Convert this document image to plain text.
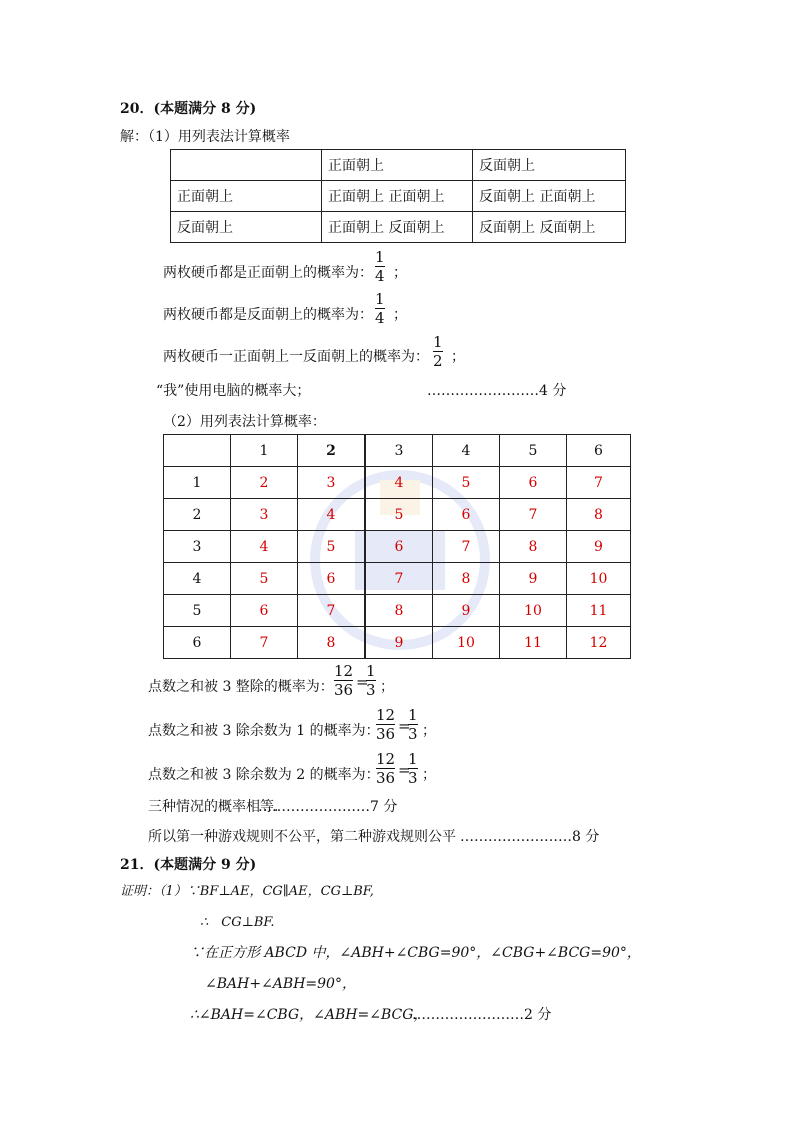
20．(本题满分 8 分)
解：（1）用列表法计算概率
	正面朝上	反面朝上
正面朝上	正面朝上 正面朝上	反面朝上 正面朝上
反面朝上	正面朝上 反面朝上	反面朝上 反面朝上
两枚硬币都是正面朝上的概率为：
1
4 ；
两枚硬币都是反面朝上的概率为：
1
4 ；
两枚硬币一正面朝上一反面朝上的概率为：
1
2 ；
“我”使用电脑的概率大；	……………………4 分
（2）用列表法计算概率：
	1	2	3	4	5	6
1	2	3	4	5	6	7
2	3	4	5	6	7	8
3	4	5	6	7	8	9
4	5	6	7	8	9	10
5	6	7	8	9	10	11
6	7	8	9	10	11	12
点数之和被 3 整除的概率为：
12
36 =
1
3 ；
点数之和被 3 除余数为 1 的概率为：
12
36 =
1
3 ；
点数之和被 3 除余数为 2 的概率为：
12
36 =
1
3 ；
三种情况的概率相等.
……………………7 分
所以第一种游戏规则不公平，第二种游戏规则公平 ……………………8 分
21．(本题满分 9 分)
证明：（1）∵BF⊥AE，CG∥AE，CG⊥BF,
∴　CG⊥BF.
∵在正方形 ABCD 中，∠ABH+∠CBG=90°，∠CBG+∠BCG=90°，
∠BAH+∠ABH=90°，
∴∠BAH=∠CBG，∠ABH=∠BCG，
……………………2 分
